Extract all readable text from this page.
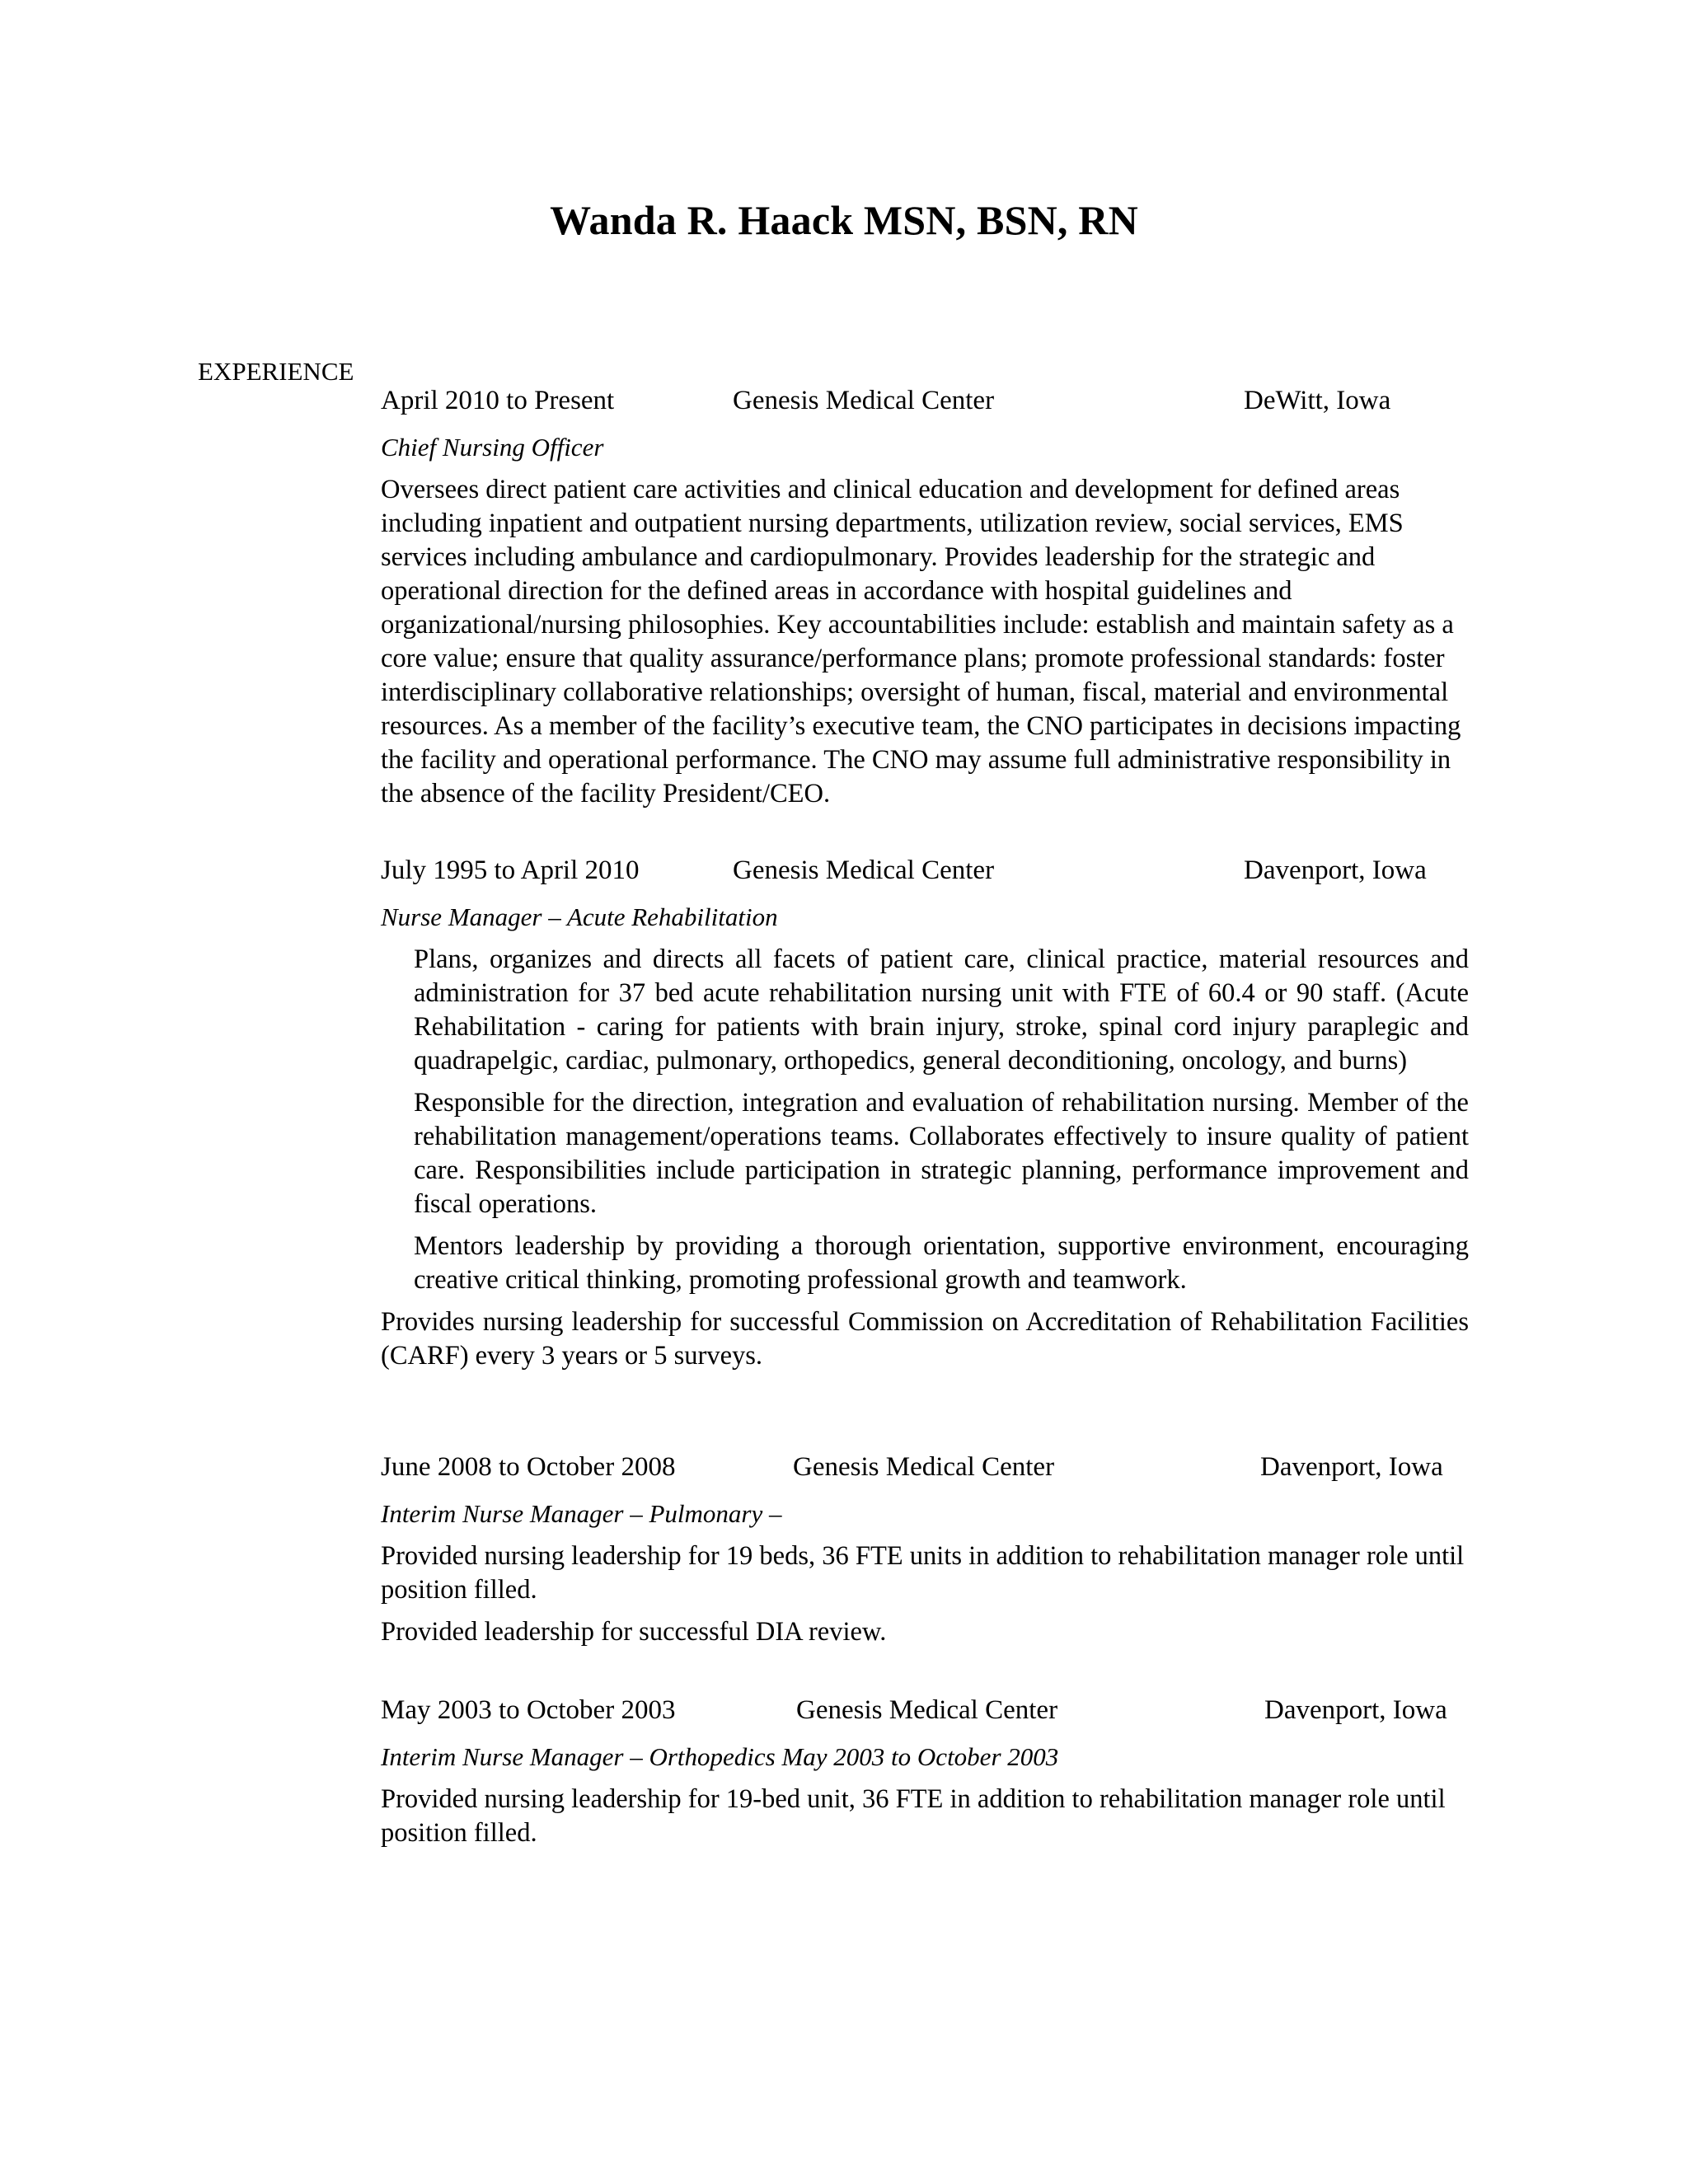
Wanda R. Haack MSN, BSN, RN
EXPERIENCE
April 2010 to Present	Genesis Medical Center	DeWitt, Iowa
Chief Nursing Officer
Oversees direct patient care activities and clinical education and development for defined areas including inpatient and outpatient nursing departments, utilization review, social services, EMS services including ambulance and cardiopulmonary. Provides leadership for the strategic and operational direction for the defined areas in accordance with hospital guidelines and organizational/nursing philosophies. Key accountabilities include: establish and maintain safety as a core value; ensure that quality assurance/performance plans; promote professional standards: foster interdisciplinary collaborative relationships; oversight of human, fiscal, material and environmental resources. As a member of the facility’s executive team, the CNO participates in decisions impacting the facility and operational performance. The CNO may assume full administrative responsibility in the absence of the facility President/CEO.
July 1995 to April 2010	Genesis Medical Center	Davenport, Iowa
Nurse Manager – Acute Rehabilitation
Plans, organizes and directs all facets of patient care, clinical practice, material resources and administration for 37 bed acute rehabilitation nursing unit with FTE of 60.4 or 90 staff. (Acute Rehabilitation - caring for patients with brain injury, stroke, spinal cord injury paraplegic and quadrapelgic, cardiac, pulmonary, orthopedics, general deconditioning, oncology, and burns)
Responsible for the direction, integration and evaluation of rehabilitation nursing. Member of the rehabilitation management/operations teams. Collaborates effectively to insure quality of patient care. Responsibilities include participation in strategic planning, performance improvement and fiscal operations.
Mentors leadership by providing a thorough orientation, supportive environment, encouraging creative critical thinking, promoting professional growth and teamwork.
Provides nursing leadership for successful Commission on Accreditation of Rehabilitation Facilities (CARF) every 3 years or 5 surveys.
June 2008 to October 2008	Genesis Medical Center	Davenport, Iowa
Interim Nurse Manager – Pulmonary –
Provided nursing leadership for 19 beds, 36 FTE units in addition to rehabilitation manager role until position filled.
Provided leadership for successful DIA review.
May 2003 to October 2003	Genesis Medical Center	Davenport, Iowa
Interim Nurse Manager – Orthopedics May 2003 to October 2003
Provided nursing leadership for 19-bed unit, 36 FTE in addition to rehabilitation manager role until position filled.
